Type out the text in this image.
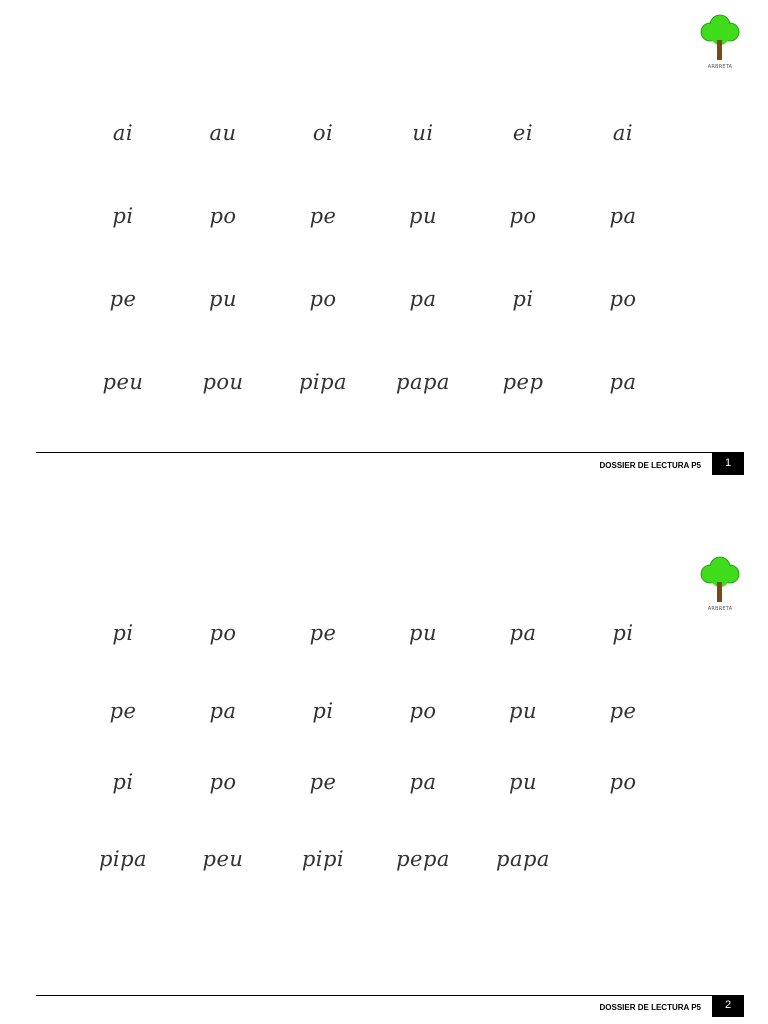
ARBRETA
ai	au	oi	ui	ei	ai
pi	po	pe	pu	po	pa
pe	pu	po	pa	pi	po
peu	pou	pipa	papa	pep	pa
DOSSIER DE LECTURA P5	1
ARBRETA
pi	po	pe	pu	pa	pi
pe	pa	pi	po	pu	pe
pi	po	pe	pa	pu	po
pipa	peu	pipi	pepa	papa
DOSSIER DE LECTURA P5	2
